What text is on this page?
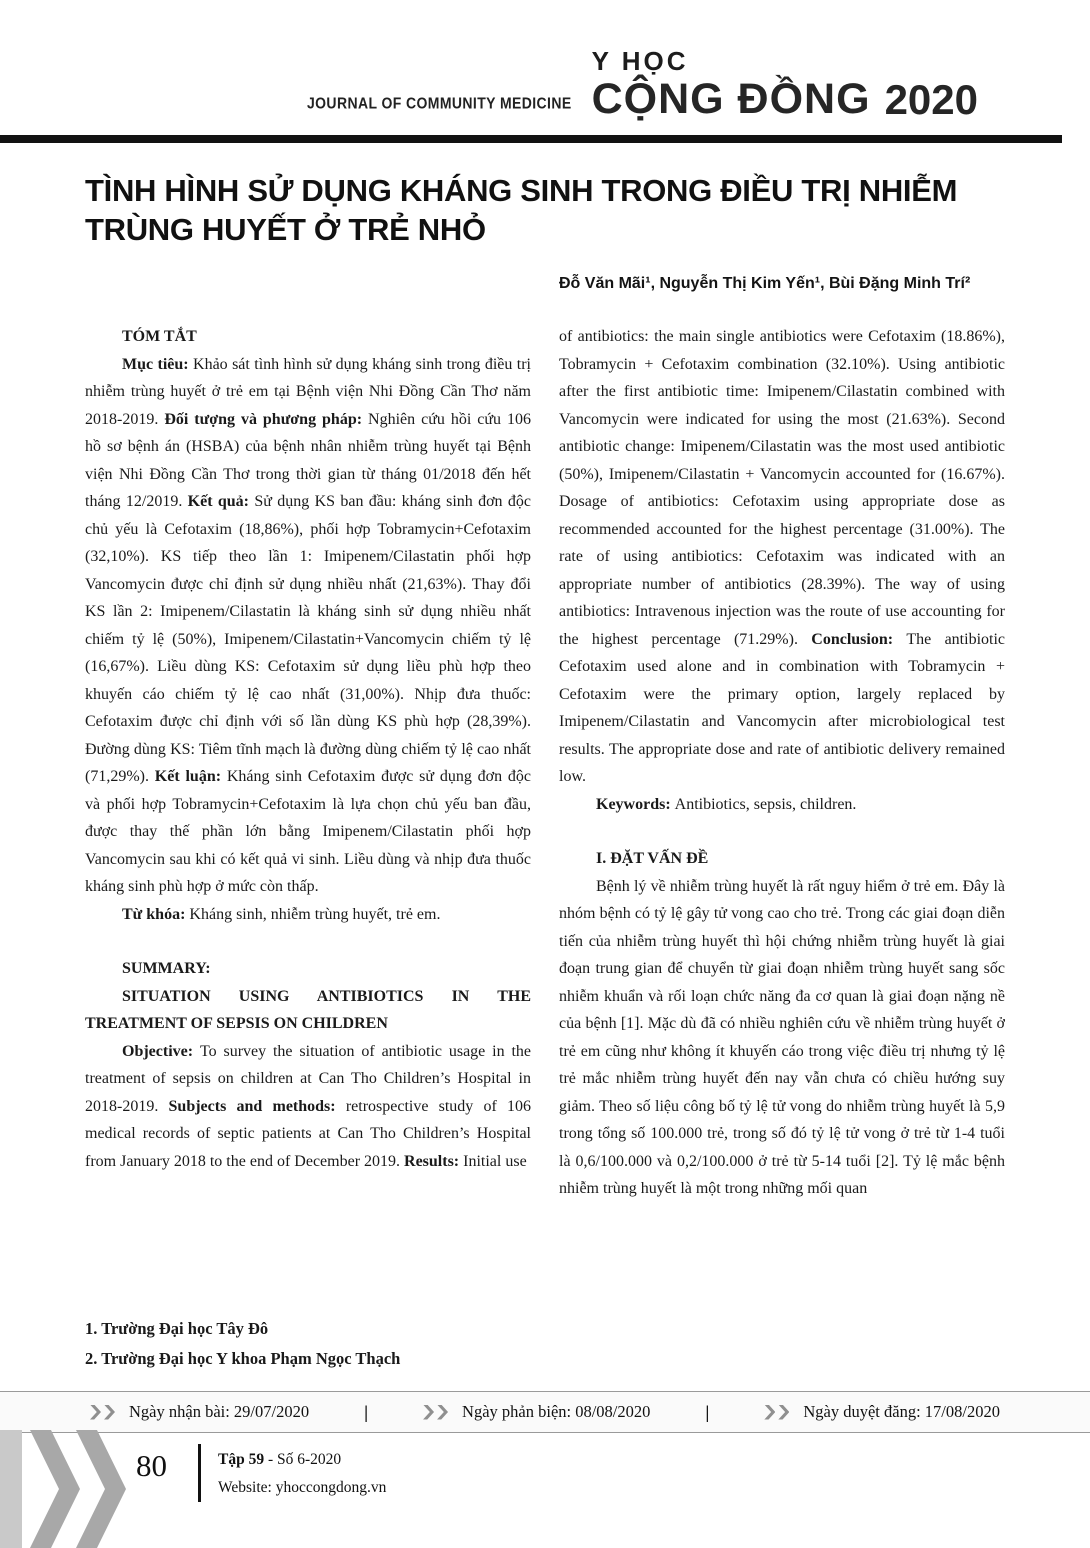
JOURNAL OF COMMUNITY MEDICINE
Y HỌC
CỘNG ĐỒNG 2020
TÌNH HÌNH SỬ DỤNG KHÁNG SINH TRONG ĐIỀU TRỊ NHIỄM TRÙNG HUYẾT Ở TRẺ NHỎ
Đỗ Văn Mãi¹, Nguyễn Thị Kim Yến¹, Bùi Đặng Minh Trí²

TÓM TẮT

Mục tiêu: Khảo sát tình hình sử dụng kháng sinh trong điều trị nhiễm trùng huyết ở trẻ em tại Bệnh viện Nhi Đồng Cần Thơ năm 2018-2019. Đối tượng và phương pháp: Nghiên cứu hồi cứu 106 hồ sơ bệnh án (HSBA) của bệnh nhân nhiễm trùng huyết tại Bệnh viện Nhi Đồng Cần Thơ trong thời gian từ tháng 01/2018 đến hết tháng 12/2019. Kết quả: Sử dụng KS ban đầu: kháng sinh đơn độc chủ yếu là Cefotaxim (18,86%), phối hợp Tobramycin+Cefotaxim (32,10%). KS tiếp theo lần 1: Imipenem/Cilastatin phối hợp Vancomycin được chỉ định sử dụng nhiều nhất (21,63%). Thay đổi KS lần 2: Imipenem/Cilastatin là kháng sinh sử dụng nhiều nhất chiếm tỷ lệ (50%), Imipenem/Cilastatin+Vancomycin chiếm tỷ lệ (16,67%). Liều dùng KS: Cefotaxim sử dụng liều phù hợp theo khuyến cáo chiếm tỷ lệ cao nhất (31,00%). Nhịp đưa thuốc: Cefotaxim được chỉ định với số lần dùng KS phù hợp (28,39%). Đường dùng KS: Tiêm tĩnh mạch là đường dùng chiếm tỷ lệ cao nhất (71,29%). Kết luận: Kháng sinh Cefotaxim được sử dụng đơn độc và phối hợp Tobramycin+Cefotaxim là lựa chọn chủ yếu ban đầu, được thay thế phần lớn bằng Imipenem/Cilastatin phối hợp Vancomycin sau khi có kết quả vi sinh. Liều dùng và nhịp đưa thuốc kháng sinh phù hợp ở mức còn thấp.

Từ khóa: Kháng sinh, nhiễm trùng huyết, trẻ em.

SUMMARY:

SITUATION USING ANTIBIOTICS IN THE TREATMENT OF SEPSIS ON CHILDREN

Objective: To survey the situation of antibiotic usage in the treatment of sepsis on children at Can Tho Children’s Hospital in 2018-2019. Subjects and methods: retrospective study of 106 medical records of septic patients at Can Tho Children’s Hospital from January 2018 to the end of December 2019. Results: Initial use

of antibiotics: the main single antibiotics were Cefotaxim (18.86%), Tobramycin + Cefotaxim combination (32.10%). Using antibiotic after the first antibiotic time: Imipenem/Cilastatin combined with Vancomycin were indicated for using the most (21.63%). Second antibiotic change: Imipenem/Cilastatin was the most used antibiotic (50%), Imipenem/Cilastatin + Vancomycin accounted for (16.67%). Dosage of antibiotics: Cefotaxim using appropriate dose as recommended accounted for the highest percentage (31.00%). The rate of using antibiotics: Cefotaxim was indicated with an appropriate number of antibiotics (28.39%). The way of using antibiotics: Intravenous injection was the route of use accounting for the highest percentage (71.29%). Conclusion: The antibiotic Cefotaxim used alone and in combination with Tobramycin + Cefotaxim were the primary option, largely replaced by Imipenem/Cilastatin and Vancomycin after microbiological test results. The appropriate dose and rate of antibiotic delivery remained low.

Keywords: Antibiotics, sepsis, children.

I. ĐẶT VẤN ĐỀ

Bệnh lý về nhiễm trùng huyết là rất nguy hiểm ở trẻ em. Đây là nhóm bệnh có tỷ lệ gây tử vong cao cho trẻ. Trong các giai đoạn diễn tiến của nhiễm trùng huyết thì hội chứng nhiễm trùng huyết là giai đoạn trung gian để chuyển từ giai đoạn nhiễm trùng huyết sang sốc nhiễm khuẩn và rối loạn chức năng đa cơ quan là giai đoạn nặng nề của bệnh [1]. Mặc dù đã có nhiều nghiên cứu về nhiễm trùng huyết ở trẻ em cũng như không ít khuyến cáo trong việc điều trị nhưng tỷ lệ trẻ mắc nhiễm trùng huyết đến nay vẫn chưa có chiều hướng suy giảm. Theo số liệu công bố tỷ lệ tử vong do nhiễm trùng huyết là 5,9 trong tổng số 100.000 trẻ, trong số đó tỷ lệ tử vong ở trẻ từ 1-4 tuổi là 0,6/100.000 và 0,2/100.000 ở trẻ từ 5-14 tuổi [2]. Tỷ lệ mắc bệnh nhiễm trùng huyết là một trong những mối quan

1. Trường Đại học Tây Đô
2. Trường Đại học Y khoa Phạm Ngọc Thạch
Ngày nhận bài: 29/07/2020	|	Ngày phản biện: 08/08/2020	|	Ngày duyệt đăng: 17/08/2020
80	Tập 59 - Số 6-2020
Website: yhoccongdong.vn
